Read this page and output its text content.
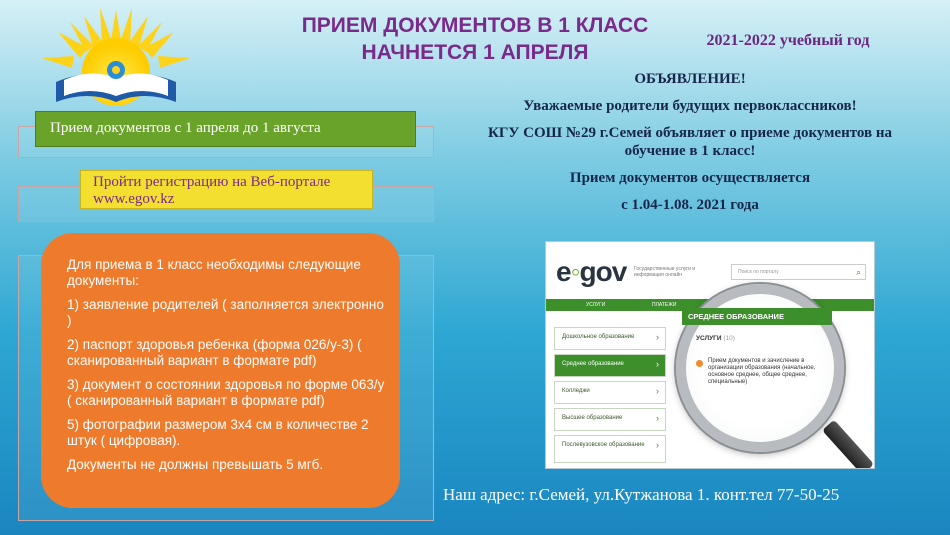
ПРИЕМ ДОКУМЕНТОВ В 1 КЛАСС
НАЧНЕТСЯ 1 АПРЕЛЯ
2021-2022 учебный год

ОБЪЯВЛЕНИЕ!

Уважаемые родители будущих первоклассников!

КГУ СОШ №29 г.Семей объявляет о приеме документов на обучение в 1 класс!

Прием документов осуществляется

с 1.04-1.08. 2021 года

Прием документов с 1 апреля до 1 августа
Пройти регистрацию на Веб-портале www.egov.kz

Для приема в 1 класс необходимы следующие документы:

1) заявление родителей ( заполняется электронно )

2) паспорт здоровья ребенка (форма 026/у-3) ( сканированный вариант в формате pdf)

3) документ о состоянии здоровья по форме 063/у ( сканированный вариант в формате pdf)

5) фотографии размером 3х4 см в количестве 2 штук ( цифровая).

Документы не должны превышать 5 мгб.

e◦gov Государственные услуги и информация онлайн	Поиск по порталу	⌕
УСЛУГИ	ПЛАТЕЖИ
Дошкольное образование ›
Среднее образование	›
Колледжи	›
Высшее образование	›
Послевузовское образование ›
СРЕДНЕЕ ОБРАЗОВАНИЕ
УСЛУГИ (10)
Прием документов и зачисление в организации образования (начальное, основное среднее, общее среднее, специальные)
Наш адрес: г.Семей, ул.Кутжанова 1. конт.тел 77-50-25
